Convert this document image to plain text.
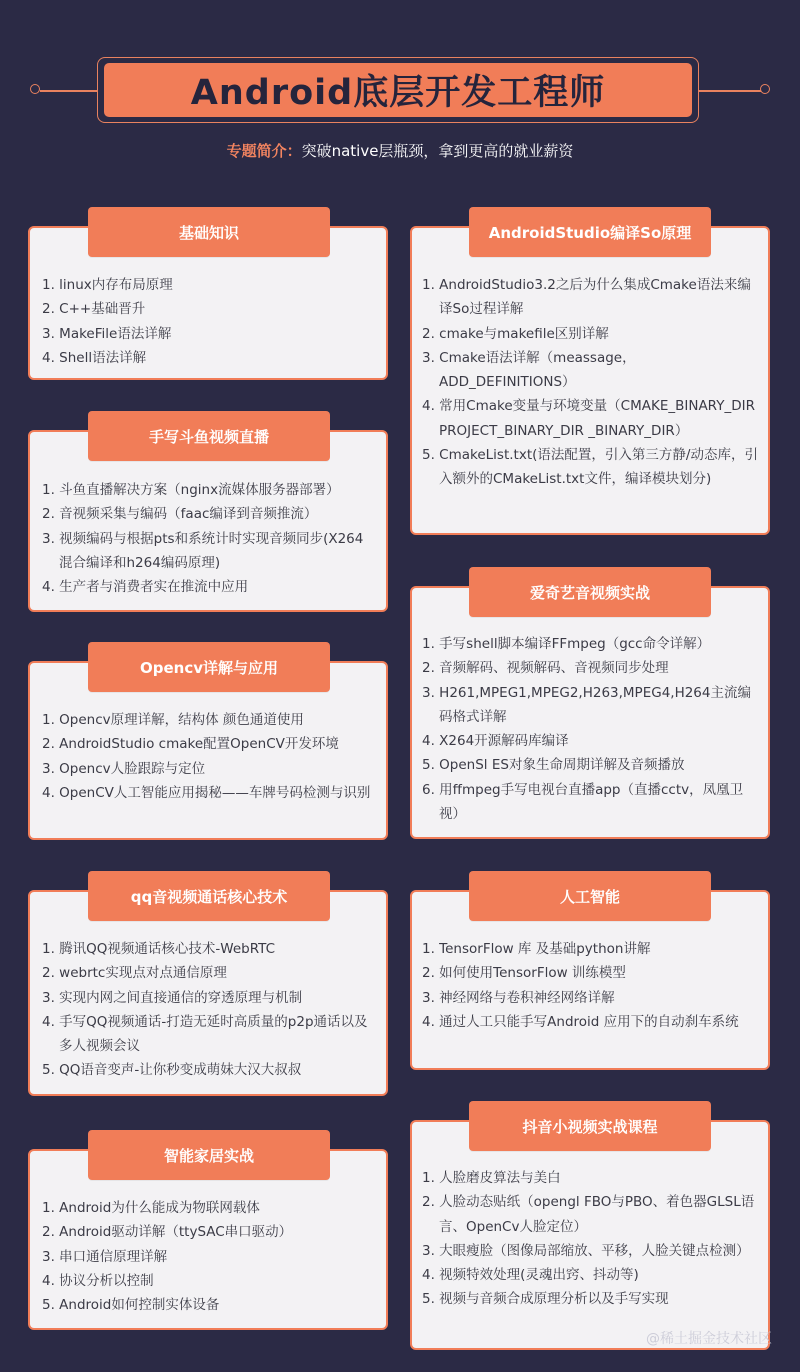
Android底层开发工程师
专题简介：突破native层瓶颈，拿到更高的就业薪资
基础知识
1. linux内存布局原理
2. C++基础晋升
3. MakeFile语法详解
4. Shell语法详解
AndroidStudio编译So原理
1. AndroidStudio3.2之后为什么集成Cmake语法来编译So过程详解
2. cmake与makefile区别详解
3. Cmake语法详解（meassage，ADD_DEFINITIONS）
4. 常用Cmake变量与环境变量（CMAKE_BINARY_DIR PROJECT_BINARY_DIR _BINARY_DIR）
5. CmakeList.txt(语法配置，引入第三方静/动态库，引入额外的CMakeList.txt文件，编译模块划分)
手写斗鱼视频直播
1. 斗鱼直播解决方案（nginx流媒体服务器部署）
2. 音视频采集与编码（faac编译到音频推流）
3. 视频编码与根据pts和系统计时实现音频同步(X264混合编译和h264编码原理)
4. 生产者与消费者实在推流中应用	爱奇艺音视频实战
1. 手写shell脚本编译FFmpeg（gcc命令详解）
2. 音频解码、视频解码、音视频同步处理
3. H261,MPEG1,MPEG2,H263,MPEG4,H264主流编码格式详解
4. X264开源解码库编译
5. OpenSl ES对象生命周期详解及音频播放
6. 用ffmpeg手写电视台直播app（直播cctv，凤凰卫视）
Opencv详解与应用
1. Opencv原理详解，结构体 颜色通道使用
2. AndroidStudio cmake配置OpenCV开发环境
3. Opencv人脸跟踪与定位
4. OpenCV人工智能应用揭秘——车牌号码检测与识别
qq音视频通话核心技术
1. 腾讯QQ视频通话核心技术-WebRTC
2. webrtc实现点对点通信原理
3. 实现内网之间直接通信的穿透原理与机制
4. 手写QQ视频通话-打造无延时高质量的p2p通话以及多人视频会议
5. QQ语音变声-让你秒变成萌妹大汉大叔叔
人工智能
1. TensorFlow 库 及基础python讲解
2. 如何使用TensorFlow 训练模型
3. 神经网络与卷积神经网络详解
4. 通过人工只能手写Android 应用下的自动刹车系统
智能家居实战
1. Android为什么能成为物联网载体
2. Android驱动详解（ttySAC串口驱动）
3. 串口通信原理详解
4. 协议分析以控制
5. Android如何控制实体设备
抖音小视频实战课程
1. 人脸磨皮算法与美白
2. 人脸动态贴纸（opengl FBO与PBO、着色器GLSL语言、OpenCv人脸定位）
3. 大眼瘦脸（图像局部缩放、平移，人脸关键点检测）
4. 视频特效处理(灵魂出窍、抖动等)
5. 视频与音频合成原理分析以及手写实现
@稀土掘金技术社区
